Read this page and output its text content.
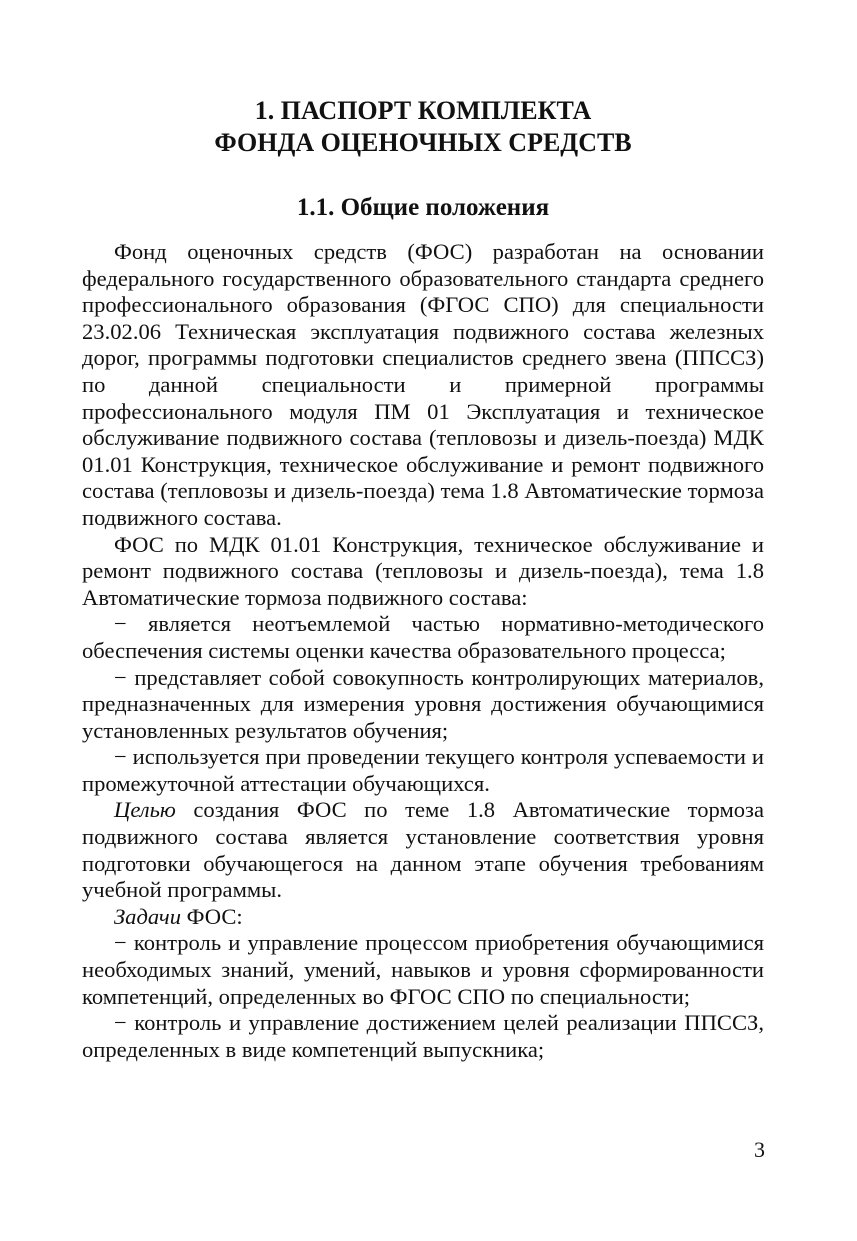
1. ПАСПОРТ КОМПЛЕКТА
ФОНДА ОЦЕНОЧНЫХ СРЕДСТВ
1.1. Общие положения

Фонд оценочных средств (ФОС) разработан на основании федерального государственного образовательного стандарта среднего профессионального образования (ФГОС СПО) для специальности 23.02.06 Техническая эксплуатация подвижного состава железных дорог, программы подготовки специалистов среднего звена (ППССЗ) по данной специальности и примерной программы профессионального модуля ПМ 01 Эксплуатация и техническое обслуживание подвижного состава (тепловозы и дизель-поезда) МДК 01.01 Конструкция, техническое обслуживание и ремонт подвижного состава (тепловозы и дизель-поезда) тема 1.8 Автоматические тормоза подвижного состава.

ФОС по МДК 01.01 Конструкция, техническое обслуживание и ремонт подвижного состава (тепловозы и дизель-поезда), тема 1.8 Автоматические тормоза подвижного состава:

− является неотъемлемой частью нормативно-методического обеспечения системы оценки качества образовательного процесса;

− представляет собой совокупность контролирующих материалов, предназначенных для измерения уровня достижения обучающимися установленных результатов обучения;

− используется при проведении текущего контроля успеваемости и промежуточной аттестации обучающихся.

Целью создания ФОС по теме 1.8 Автоматические тормоза подвижного состава является установление соответствия уровня подготовки обучающегося на данном этапе обучения требованиям учебной программы.

Задачи ФОС:

− контроль и управление процессом приобретения обучающимися необходимых знаний, умений, навыков и уровня сформированности компетенций, определенных во ФГОС СПО по специальности;

− контроль и управление достижением целей реализации ППССЗ, определенных в виде компетенций выпускника;

3
